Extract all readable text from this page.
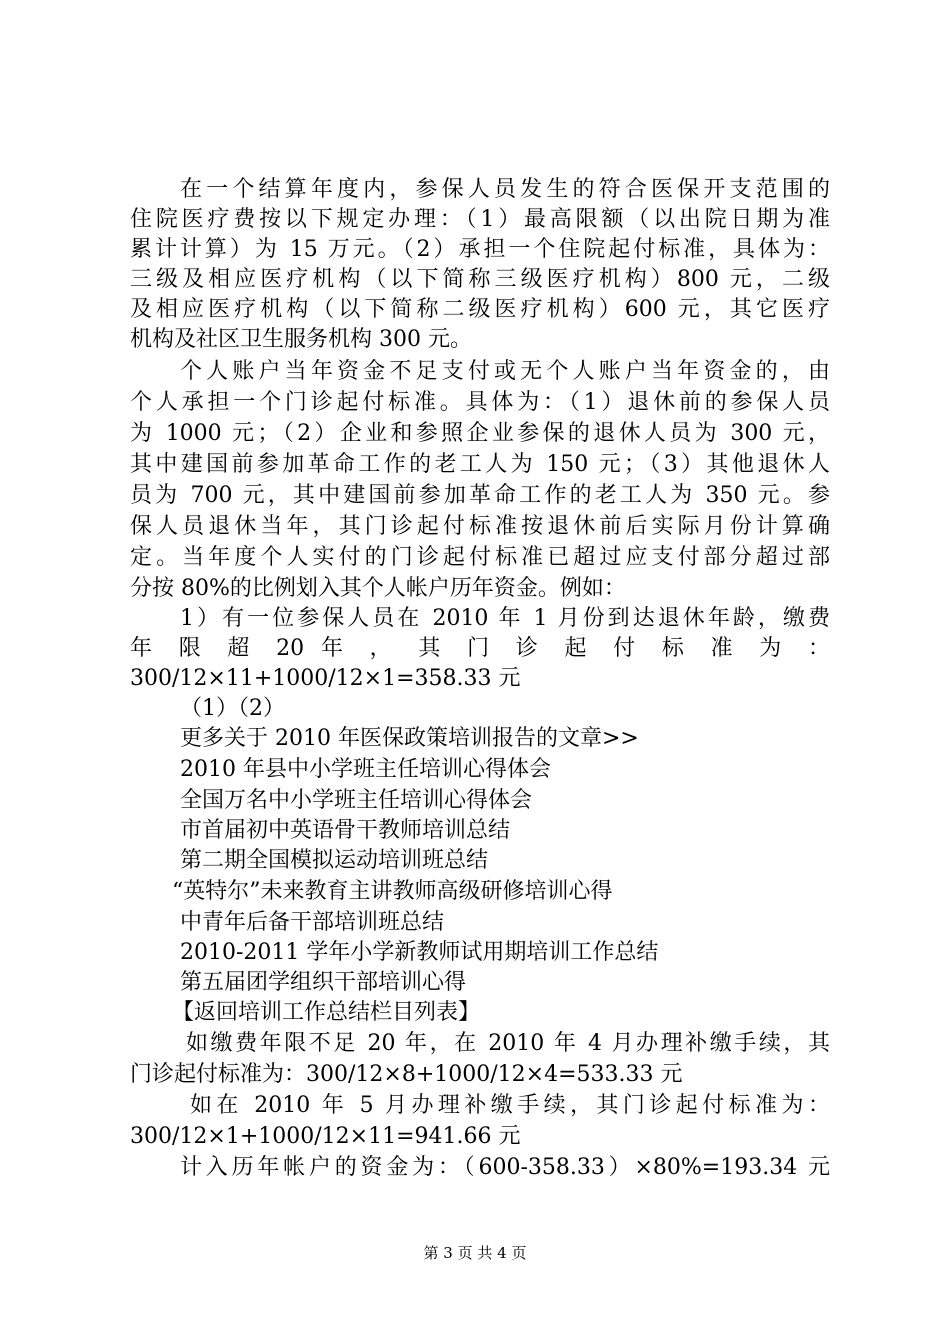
在一个结算年度内，参保人员发生的符合医保开支范围的
住院医疗费按以下规定办理：（1）最高限额（以出院日期为准
累计计算）为 15 万元。（2）承担一个住院起付标准，具体为：
三级及相应医疗机构（以下简称三级医疗机构）800 元，二级
及相应医疗机构（以下简称二级医疗机构）600 元，其它医疗
机构及社区卫生服务机构 300 元。
个人账户当年资金不足支付或无个人账户当年资金的，由
个人承担一个门诊起付标准。具体为：（1）退休前的参保人员
为 1000 元；（2）企业和参照企业参保的退休人员为 300 元，
其中建国前参加革命工作的老工人为 150 元；（3）其他退休人
员为 700 元，其中建国前参加革命工作的老工人为 350 元。参
保人员退休当年，其门诊起付标准按退休前后实际月份计算确
定。当年度个人实付的门诊起付标准已超过应支付部分超过部
分按 80%的比例划入其个人帐户历年资金。例如：
1）有一位参保人员在 2010 年 1 月份到达退休年龄，缴费
年 限 超 20 年 ， 其 门 诊 起 付 标 准 为 ：
300/12×11+1000/12×1=358.33 元
（1）（2）
更多关于 2010 年医保政策培训报告的文章>>
2010 年县中小学班主任培训心得体会
全国万名中小学班主任培训心得体会
市首届初中英语骨干教师培训总结
第二期全国模拟运动培训班总结
“英特尔”未来教育主讲教师高级研修培训心得
中青年后备干部培训班总结
2010-2011 学年小学新教师试用期培训工作总结
第五届团学组织干部培训心得
【返回培训工作总结栏目列表】
如缴费年限不足 20 年，在 2010 年 4 月办理补缴手续，其
门诊起付标准为：300/12×8+1000/12×4=533.33 元
如在 2010 年 5 月办理补缴手续，其门诊起付标准为：
300/12×1+1000/12×11=941.66 元
计入历年帐户的资金为：（600-358.33）×80%=193.34 元
第 3 页 共 4 页
